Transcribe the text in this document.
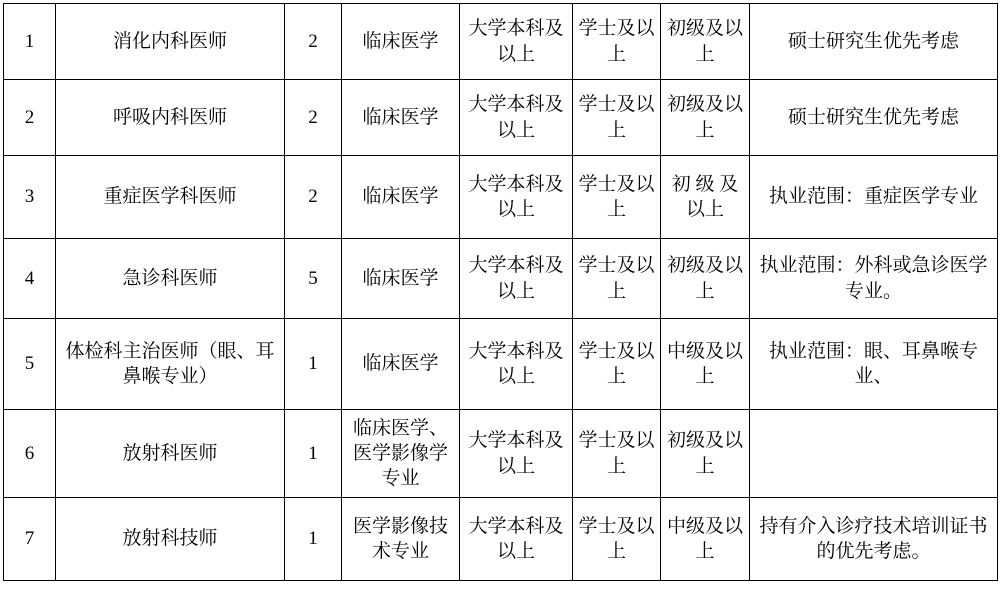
1	消化内科医师	2	临床医学	大学本科及以上	学士及以上	初级及以上	硕士研究生优先考虑
2	呼吸内科医师	2	临床医学	大学本科及以上	学士及以上	初级及以上	硕士研究生优先考虑
3	重症医学科医师	2	临床医学	大学本科及以上	学士及以上	初 级 及以上	执业范围：重症医学专业
4	急诊科医师	5	临床医学	大学本科及以上	学士及以上	初级及以上	执业范围：外科或急诊医学专业。
5	体检科主治医师（眼、耳鼻喉专业）	1	临床医学	大学本科及以上	学士及以上	中级及以上	执业范围：眼、耳鼻喉专业、
6	放射科医师	1	临床医学、医学影像学专业	大学本科及以上	学士及以上	初级及以上	
7	放射科技师	1	医学影像技术专业	大学本科及以上	学士及以上	中级及以上	持有介入诊疗技术培训证书的优先考虑。
